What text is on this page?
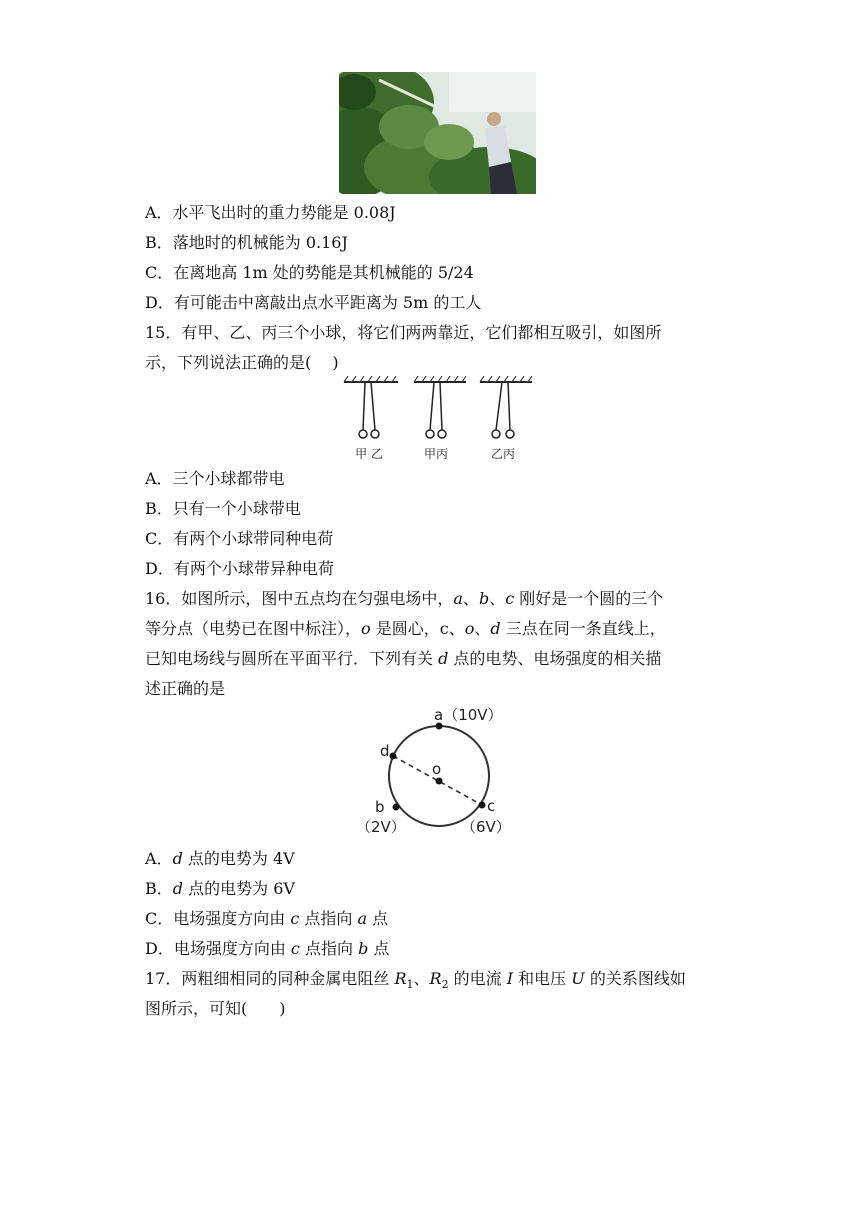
A．水平飞出时的重力势能是 0.08J
B．落地时的机械能为 0.16J
C．在离地高 1m 处的势能是其机械能的 5/24
D．有可能击中离敲出点水平距离为 5m 的工人
15．有甲、乙、丙三个小球，将它们两两靠近，它们都相互吸引，如图所
示，下列说法正确的是(　 )
甲 乙	甲丙	乙丙
A．三个小球都带电
B．只有一个小球带电
C．有两个小球带同种电荷
D．有两个小球带异种电荷
16．如图所示，图中五点均在匀强电场中，a、b、c 刚好是一个圆的三个
等分点（电势已在图中标注），o 是圆心，c、o、d 三点在同一条直线上，
已知电场线与圆所在平面平行．下列有关 d 点的电势、电场强度的相关描
述正确的是
a（10V）
d
o
b
（2V）
c
（6V）
A．d 点的电势为 4V
B．d 点的电势为 6V
C．电场强度方向由 c 点指向 a 点
D．电场强度方向由 c 点指向 b 点
17．两粗细相同的同种金属电阻丝 $R_1$、$R_2$ 的电流 I 和电压 U 的关系图线如
图所示，可知(　　)
